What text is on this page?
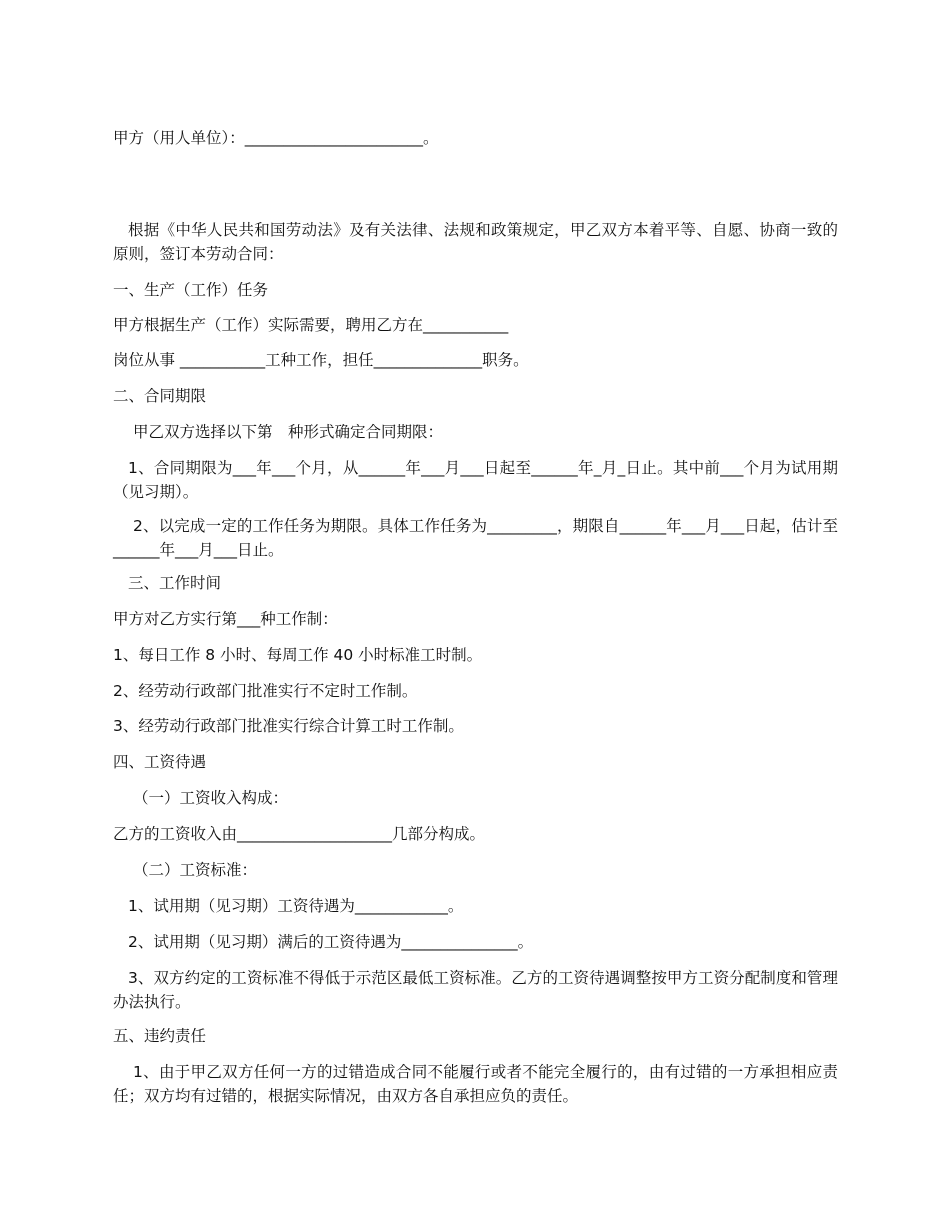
甲方（用人单位）：_______________________。
根据《中华人民共和国劳动法》及有关法律、法规和政策规定，甲乙双方本着平等、自愿、协商一致的原则，签订本劳动合同：
一、生产（工作）任务
甲方根据生产（工作）实际需要，聘用乙方在___________
岗位从事 ___________工种工作，担任______________职务。
二、合同期限
甲乙双方选择以下第　种形式确定合同期限：
1、合同期限为___年___个月，从______年___月___日起至______年_月_日止。其中前___个月为试用期（见习期）。
2、以完成一定的工作任务为期限。具体工作任务为_________，期限自______年___月___日起，估计至______年___月___日止。
三、工作时间
甲方对乙方实行第___种工作制：
1、每日工作 8 小时、每周工作 40 小时标准工时制。
2、经劳动行政部门批准实行不定时工作制。
3、经劳动行政部门批准实行综合计算工时工作制。
四、工资待遇
（一）工资收入构成：
乙方的工资收入由____________________几部分构成。
（二）工资标准：
1、试用期（见习期）工资待遇为____________。
2、试用期（见习期）满后的工资待遇为_______________。
3、双方约定的工资标准不得低于示范区最低工资标准。乙方的工资待遇调整按甲方工资分配制度和管理办法执行。
五、违约责任
1、由于甲乙双方任何一方的过错造成合同不能履行或者不能完全履行的，由有过错的一方承担相应责任；双方均有过错的，根据实际情况，由双方各自承担应负的责任。
